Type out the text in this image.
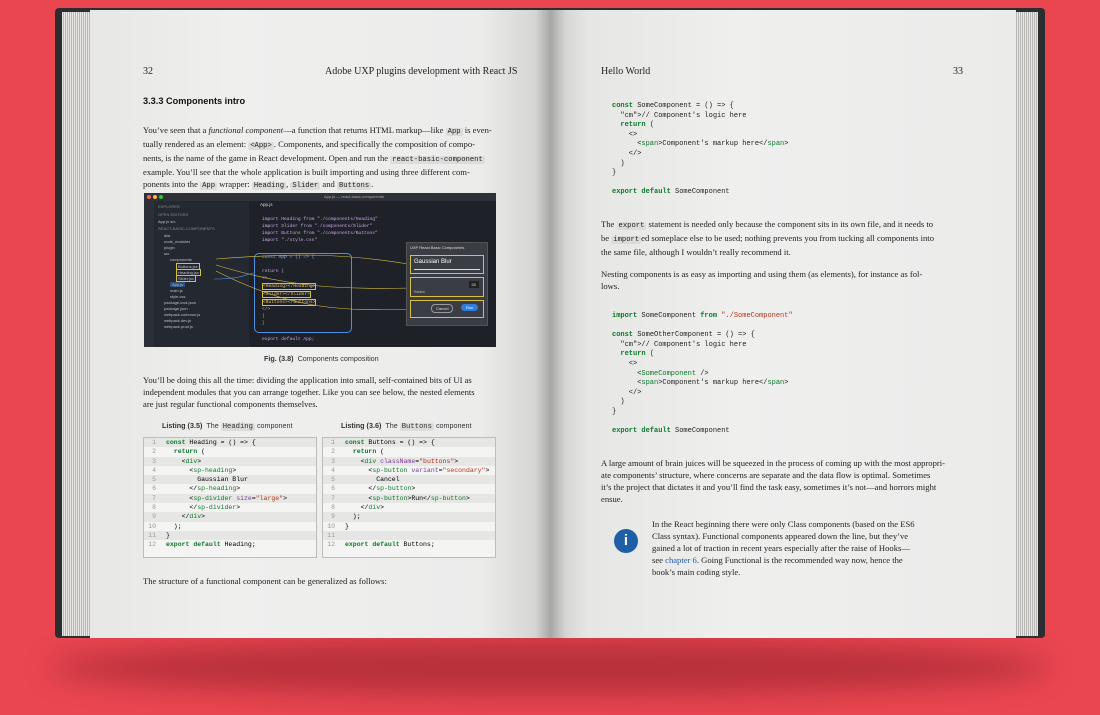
32	Adobe UXP plugins development with React JS
3.3.3 Components intro
You’ve seen that a functional component—a function that returns HTML markup—like App is even-
tually rendered as an element: <App> . Components, and specifically the composition of compo-
nents, is the name of the game in React development. Open and run the react-basic-component
example. You’ll see that the whole application is built importing and using three different com-
ponents into the App wrapper: Heading , Slider and Buttons .
App.js — react-basic-components
EXPLORER
OPEN EDITORS
App.js src
REACT-BASIC-COMPONENTS
dist
node_modules
plugin
src
components
Buttons.jsx
Heading.jsx
Slider.jsx
App.js
main.js
style.css
package-lock.json
package.json
webpack.common.js
webpack.dev.js
webpack.prod.js
App.js
import Heading from "./components/Heading"
import Slider from "./components/Slider"
import Buttons from "./components/Buttons"
import "./style.css"
const App = () => {
return (
<>
<Heading></Heading>
<Slider></Slider>
<Buttons></Buttons>
</>
)
}
export default App;
UXP React Basic Components
Gaussian Blur
Radius
50
Cancel	Run
Fig. (3.8) Components composition
You’ll be doing this all the time: dividing the application into small, self-contained bits of UI as
independent modules that you can arrange together. Like you can see below, the nested elements
are just regular functional components themselves.
Listing (3.5) The Heading component
1 const Heading = () => {
2	return (
3    <div>
4      <sp-heading>
5        Gaussian Blur
6      </sp-heading>
7      <sp-divider size="large">
8      </sp-divider>
9    </div>
10  );
11 }
12 export default Heading;
Listing (3.6) The Buttons component
1 const Buttons = () => {
2	return (
3    <div className="buttons">
4      <sp-button variant="secondary">
5        Cancel
6      </sp-button>
7      <sp-button>Run</sp-button>
8    </div>
9  );
10 }
11
12 export default Buttons;
The structure of a functional component can be generalized as follows:
Hello World	33
const SomeComponent = () => {
"cm">// Component's logic here
return (
<>
<span>Component's markup here</span>
</>
)
}

export default SomeComponent
The export statement is needed only because the component sits in its own file, and it needs to
be import ed someplace else to be used; nothing prevents you from tucking all components into
the same file, although I wouldn’t really recommend it.
Nesting components is as easy as importing and using them (as elements), for instance as fol-
lows.
import SomeComponent from "./SomeComponent"

const SomeOtherComponent = () => {
"cm">// Component's logic here
return (
<>
<SomeComponent />
<span>Component's markup here</span>
</>
)
}

export default SomeComponent
A large amount of brain juices will be squeezed in the process of coming up with the most appropri-
ate components’ structure, where concerns are separate and the data flow is optimal. Sometimes
it’s the project that dictates it and you’ll find the task easy, sometimes it’s not—and horrors might
ensue.
i
In the React beginning there were only Class components (based on the ES6
Class syntax). Functional components appeared down the line, but they’ve
gained a lot of traction in recent years especially after the raise of Hooks—
see chapter 6. Going Functional is the recommended way now, hence the
book’s main coding style.
